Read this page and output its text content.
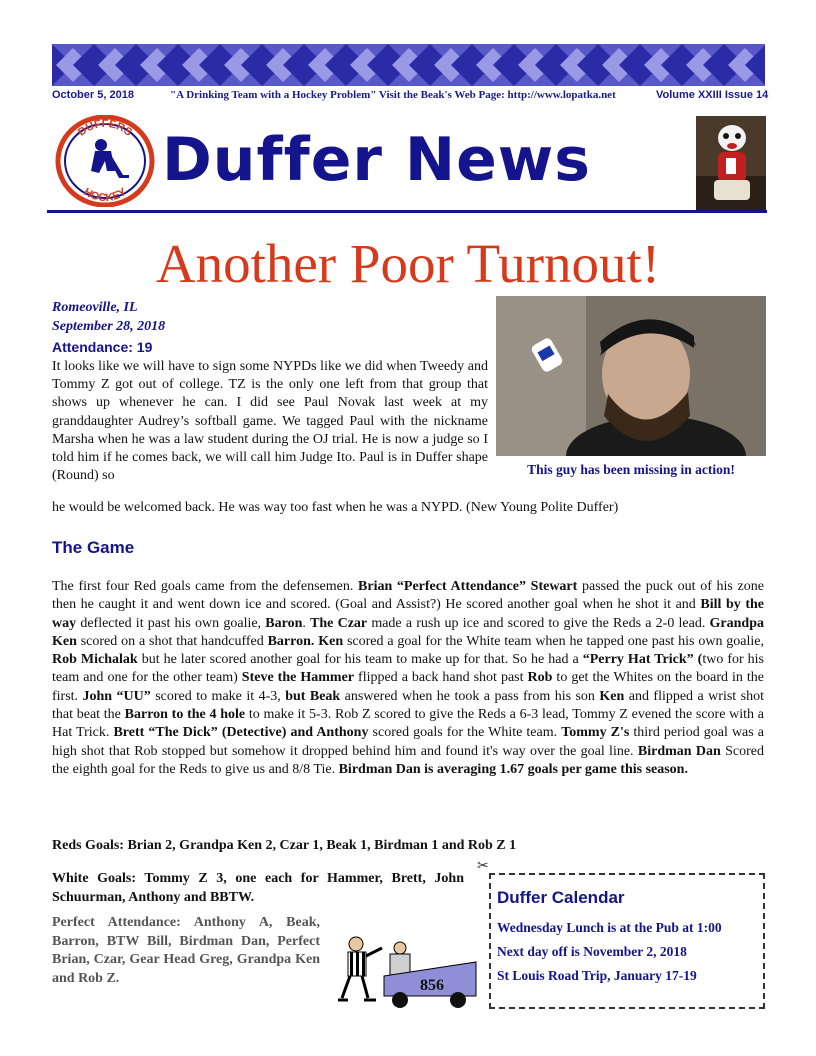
October 5, 2018	"A Drinking Team with a Hockey Problem" Visit the Beak's Web Page: http://www.lopatka.net	Volume XXIII Issue 14
DUFFERS
HOCKEY Duffer News
Another Poor Turnout!
Romeoville, IL
September 28, 2018
Attendance: 19
It looks like we will have to sign some NYPDs like we did when Tweedy and Tommy Z got out of college. TZ is the only one left from that group that shows up whenever he can. I did see Paul Novak last week at my granddaughter Audrey’s softball game. We tagged Paul with the nickname Marsha when he was a law student during the OJ trial. He is now a judge so I told him if he comes back, we will call him Judge Ito. Paul is in Duffer shape (Round) so	This guy has been missing in action!
he would be welcomed back. He was way too fast when he was a NYPD. (New Young Polite Duffer)
The Game
The first four Red goals came from the defensemen. Brian “Perfect Attendance” Stewart passed the puck out of his zone then he caught it and went down ice and scored. (Goal and Assist?) He scored another goal when he shot it and Bill by the way deflected it past his own goalie, Baron. The Czar made a rush up ice and scored to give the Reds a 2-0 lead. Grandpa Ken scored on a shot that handcuffed Barron. Ken scored a goal for the White team when he tapped one past his own goalie, Rob Michalak but he later scored another goal for his team to make up for that. So he had a “Perry Hat Trick” (two for his team and one for the other team) Steve the Hammer flipped a back hand shot past Rob to get the Whites on the board in the first. John “UU” scored to make it 4-3, but Beak answered when he took a pass from his son Ken and flipped a wrist shot that beat the Barron to the 4 hole to make it 5-3. Rob Z scored to give the Reds a 6-3 lead, Tommy Z evened the score with a Hat Trick. Brett “The Dick” (Detective) and Anthony scored goals for the White team. Tommy Z's third period goal was a high shot that Rob stopped but somehow it dropped behind him and found it's way over the goal line. Birdman Dan Scored the eighth goal for the Reds to give us and 8/8 Tie. Birdman Dan is averaging 1.67 goals per game this season.
Reds Goals: Brian 2, Grandpa Ken 2, Czar 1, Beak 1, Birdman 1 and Rob Z 1
White Goals: Tommy Z 3, one each for Hammer, Brett, John Schuurman, Anthony and BBTW.
Perfect Attendance: Anthony A, Beak, Barron, BTW Bill, Birdman Dan, Perfect Brian, Czar, Gear Head Greg, Grandpa Ken and Rob Z.	856
✂
Duffer Calendar
Wednesday Lunch is at the Pub at 1:00
Next day off is November 2, 2018
St Louis Road Trip, January 17-19
